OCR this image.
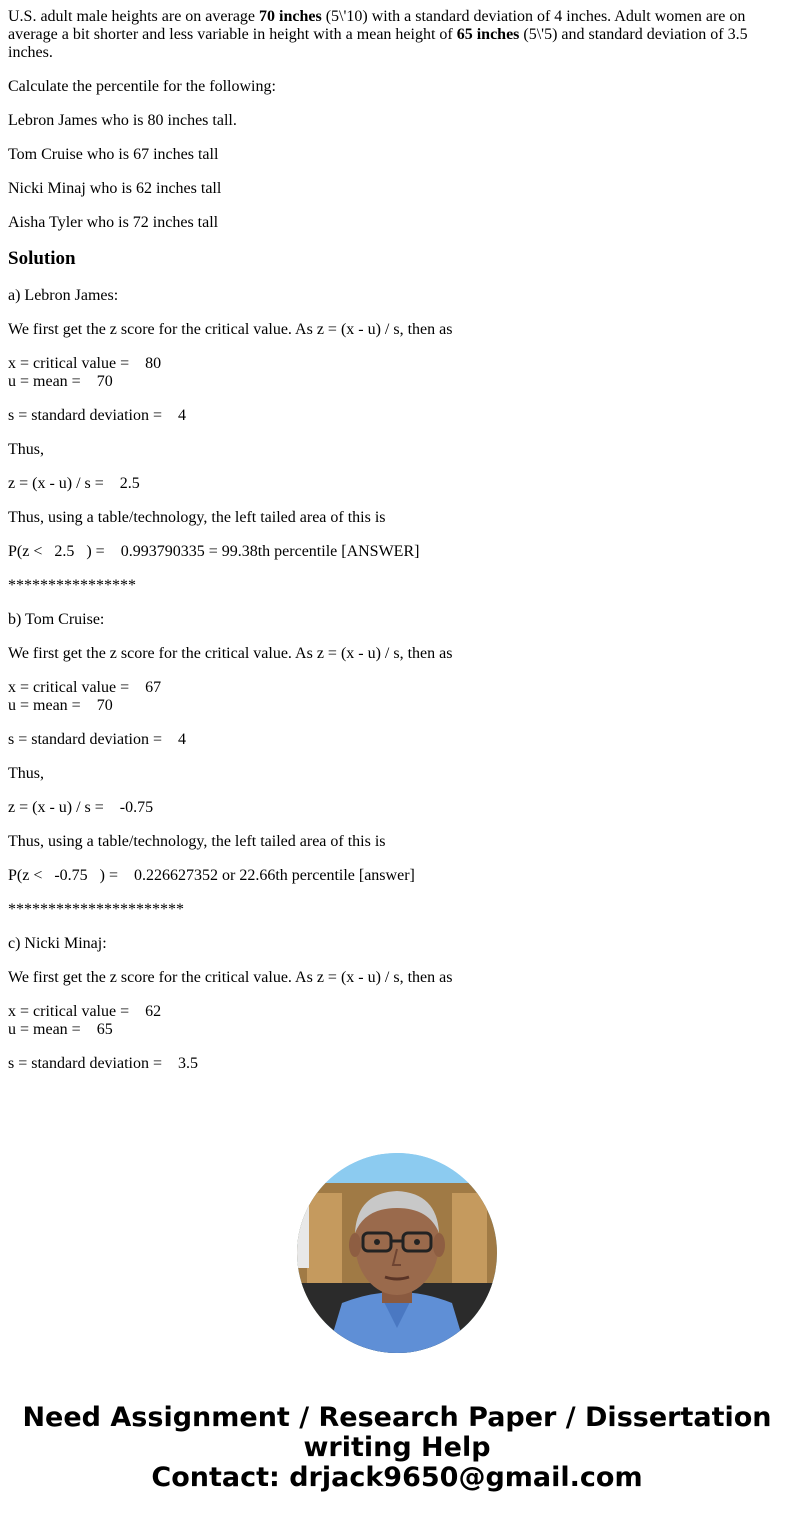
U.S. adult male heights are on average 70 inches (5\'10) with a standard deviation of 4 inches. Adult women are on average a bit shorter and less variable in height with a mean height of 65 inches (5\'5) and standard deviation of 3.5 inches.

Calculate the percentile for the following:

Lebron James who is 80 inches tall.

Tom Cruise who is 67 inches tall

Nicki Minaj who is 62 inches tall

Aisha Tyler who is 72 inches tall

Solution

a) Lebron James:

We first get the z score for the critical value. As z = (x - u) / s, then as

x = critical value =    80

u = mean =    70

s = standard deviation =    4

Thus,

z = (x - u) / s =    2.5

Thus, using a table/technology, the left tailed area of this is

P(z <   2.5   ) =    0.993790335 = 99.38th percentile [ANSWER]

****************

b) Tom Cruise:

We first get the z score for the critical value. As z = (x - u) / s, then as

x = critical value =    67

u = mean =    70

s = standard deviation =    4

Thus,

z = (x - u) / s =    -0.75

Thus, using a table/technology, the left tailed area of this is

P(z <   -0.75   ) =    0.226627352 or 22.66th percentile [answer]

**********************

c) Nicki Minaj:

We first get the z score for the critical value. As z = (x - u) / s, then as

x = critical value =    62

u = mean =    65

s = standard deviation =    3.5

Need Assignment / Research Paper / Dissertation
writing Help
Contact: drjack9650@gmail.com
